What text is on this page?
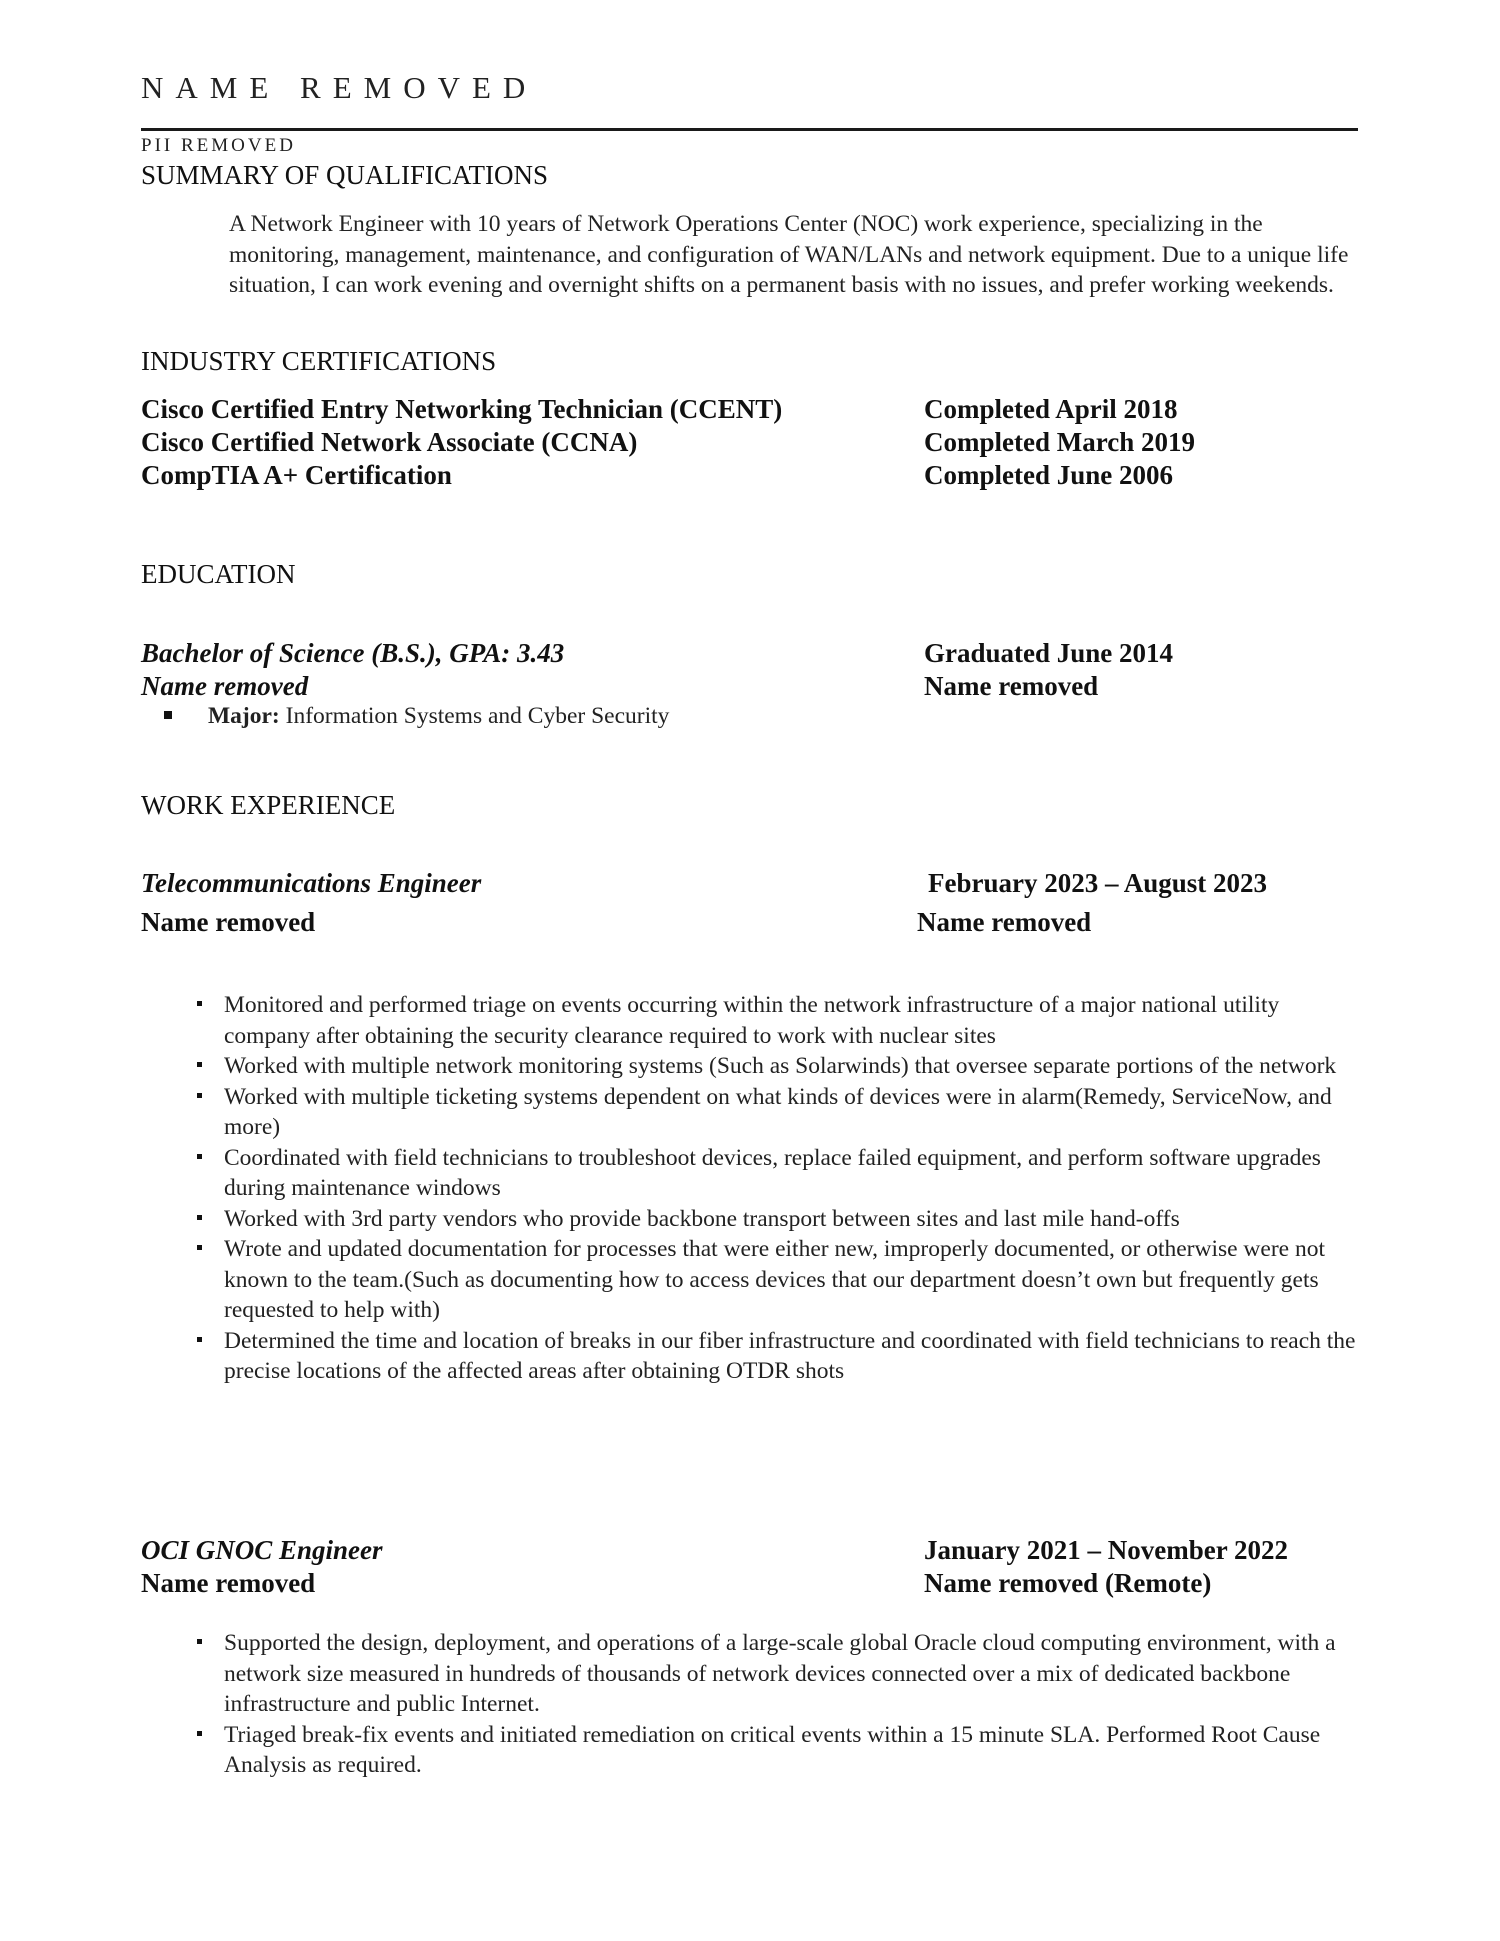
NAME REMOVED
PII REMOVED
SUMMARY OF QUALIFICATIONS
A Network Engineer with 10 years of Network Operations Center (NOC) work experience, specializing in the monitoring, management, maintenance, and configuration of WAN/LANs and network equipment. Due to a unique life situation, I can work evening and overnight shifts on a permanent basis with no issues, and prefer working weekends.
INDUSTRY CERTIFICATIONS
Cisco Certified Entry Networking Technician (CCENT)	Completed April 2018
Cisco Certified Network Associate (CCNA)	Completed March 2019
CompTIA A+ Certification	Completed June 2006
EDUCATION
Bachelor of Science (B.S.), GPA: 3.43	Graduated June 2014
Name removed	Name removed
Major: Information Systems and Cyber Security
WORK EXPERIENCE
Telecommunications Engineer	February 2023 – August 2023
Name removed	Name removed
Monitored and performed triage on events occurring within the network infrastructure of a major national utility company after obtaining the security clearance required to work with nuclear sites
Worked with multiple network monitoring systems (Such as Solarwinds) that oversee separate portions of the network
Worked with multiple ticketing systems dependent on what kinds of devices were in alarm(Remedy, ServiceNow, and more)
Coordinated with field technicians to troubleshoot devices, replace failed equipment, and perform software upgrades during maintenance windows
Worked with 3rd party vendors who provide backbone transport between sites and last mile hand-offs
Wrote and updated documentation for processes that were either new, improperly documented, or otherwise were not known to the team.(Such as documenting how to access devices that our department doesn’t own but frequently gets requested to help with)
Determined the time and location of breaks in our fiber infrastructure and coordinated with field technicians to reach the precise locations of the affected areas after obtaining OTDR shots
OCI GNOC Engineer	January 2021 – November 2022
Name removed	Name removed (Remote)
Supported the design, deployment, and operations of a large-scale global Oracle cloud computing environment, with a network size measured in hundreds of thousands of network devices connected over a mix of dedicated backbone infrastructure and public Internet.
Triaged break-fix events and initiated remediation on critical events within a 15 minute SLA. Performed Root Cause Analysis as required.
